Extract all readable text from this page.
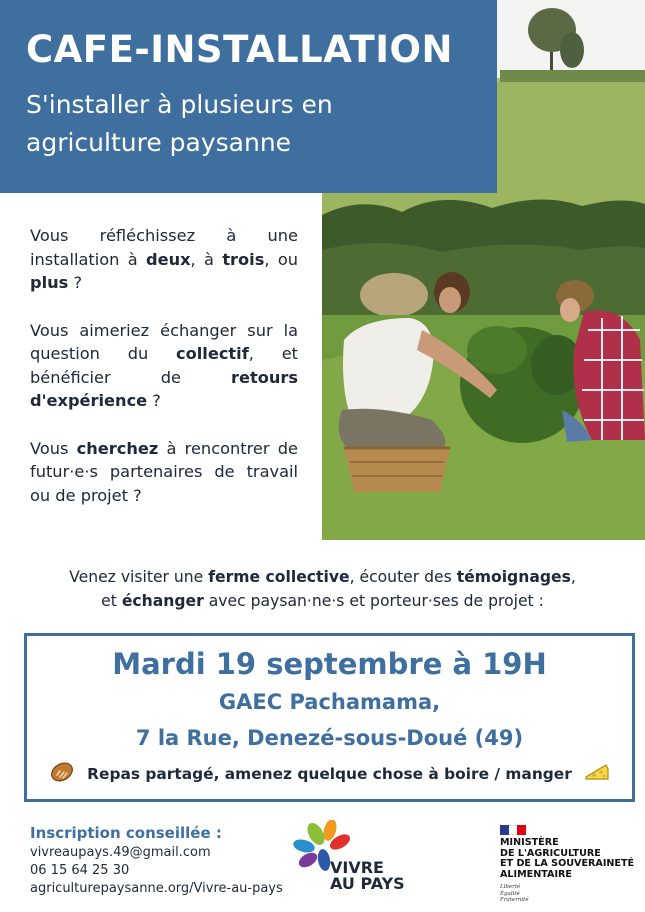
CAFE-INSTALLATION
S'installer à plusieurs en agriculture paysanne

Vous réfléchissez à une installation à deux, à trois, ou plus ?

Vous aimeriez échanger sur la question du collectif, et bénéficier de retours d'expérience ?

Vous cherchez à rencontrer de futur·e·s partenaires de travail ou de projet ?

Venez visiter une ferme collective, écouter des témoignages,
et échanger avec paysan·ne·s et porteur·ses de projet :
Mardi 19 septembre à 19H
GAEC Pachamama,
7 la Rue, Denezé-sous-Doué (49)
Repas partagé, amenez quelque chose à boire / manger
Inscription conseillée :
vivreaupays.49@gmail.com
06 15 64 25 30
agriculturepaysanne.org/Vivre-au-pays
VIVRE
AU PAYS
MINISTÈRE
DE L'AGRICULTURE
ET DE LA SOUVERAINETÉ
ALIMENTAIRE
Liberté
Égalité
Fraternité
